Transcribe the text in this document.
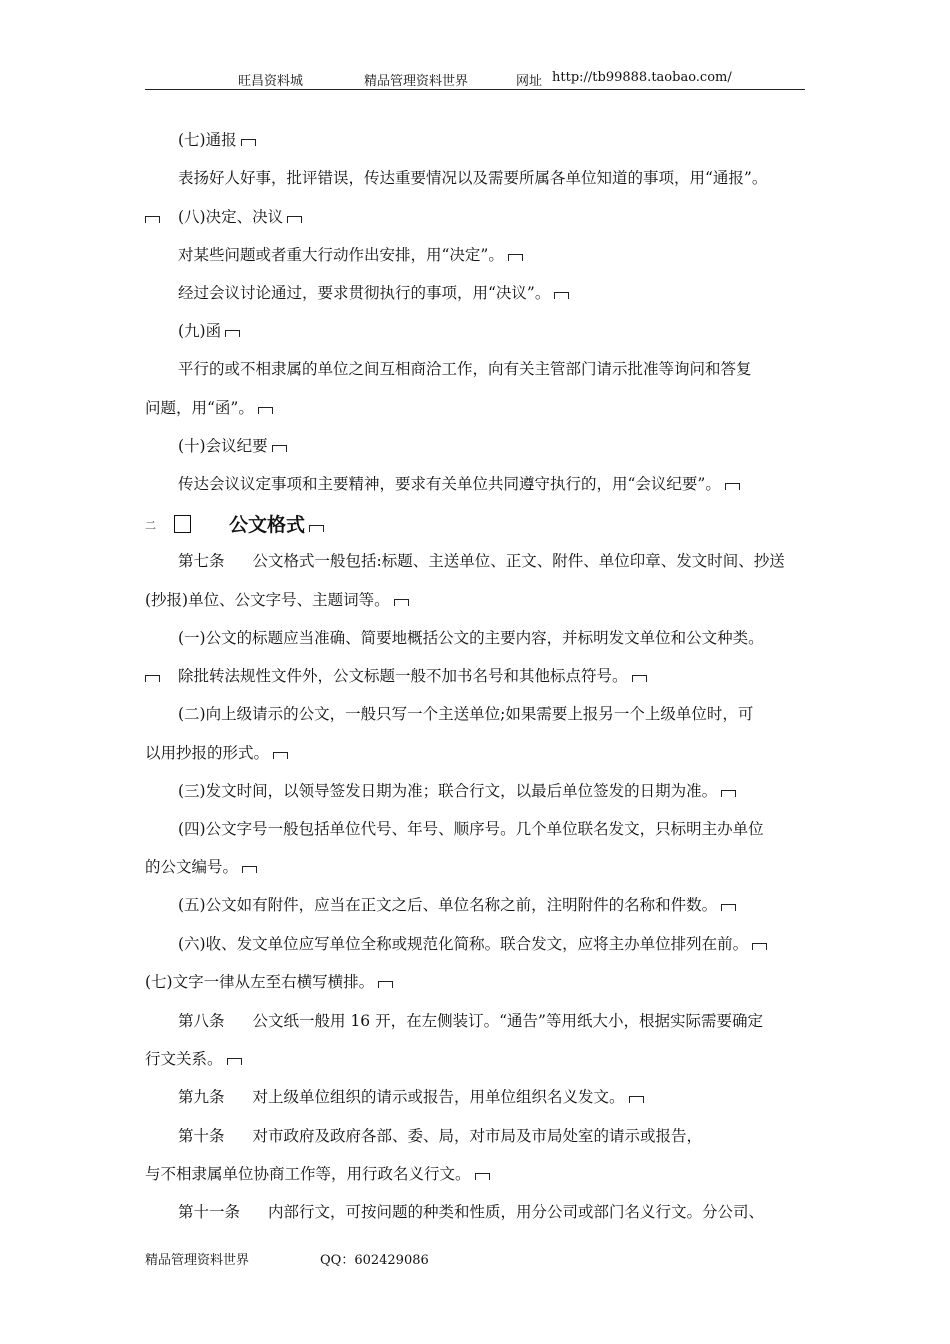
旺昌资料城	精品管理资料世界	网址 http://tb99888.taobao.com/
(七)通报
表扬好人好事，批评错误，传达重要情况以及需要所属各单位知道的事项，用“通报”。
(八)决定、决议
对某些问题或者重大行动作出安排，用“决定”。
经过会议讨论通过，要求贯彻执行的事项，用“决议”。
(九)函
平行的或不相隶属的单位之间互相商洽工作，向有关主管部门请示批准等询问和答复
问题，用“函”。
(十)会议纪要
传达会议议定事项和主要精神，要求有关单位共同遵守执行的，用“会议纪要”。
二	公文格式
第七条 公文格式一般包括:标题、主送单位、正文、附件、单位印章、发文时间、抄送
(抄报)单位、公文字号、主题词等。
(一)公文的标题应当准确、简要地概括公文的主要内容，并标明发文单位和公文种类。
除批转法规性文件外，公文标题一般不加书名号和其他标点符号。
(二)向上级请示的公文，一般只写一个主送单位;如果需要上报另一个上级单位时，可
以用抄报的形式。
(三)发文时间，以领导签发日期为准；联合行文，以最后单位签发的日期为准。
(四)公文字号一般包括单位代号、年号、顺序号。几个单位联名发文，只标明主办单位
的公文编号。
(五)公文如有附件，应当在正文之后、单位名称之前，注明附件的名称和件数。
(六)收、发文单位应写单位全称或规范化简称。联合发文，应将主办单位排列在前。
(七)文字一律从左至右横写横排。
第八条 公文纸一般用 16 开，在左侧装订。“通告”等用纸大小，根据实际需要确定
行文关系。
第九条 对上级单位组织的请示或报告，用单位组织名义发文。
第十条 对市政府及政府各部、委、局，对市局及市局处室的请示或报告，
与不相隶属单位协商工作等，用行政名义行文。
第十一条 内部行文，可按问题的种类和性质，用分公司或部门名义行文。分公司、
精品管理资料世界	QQ：602429086
